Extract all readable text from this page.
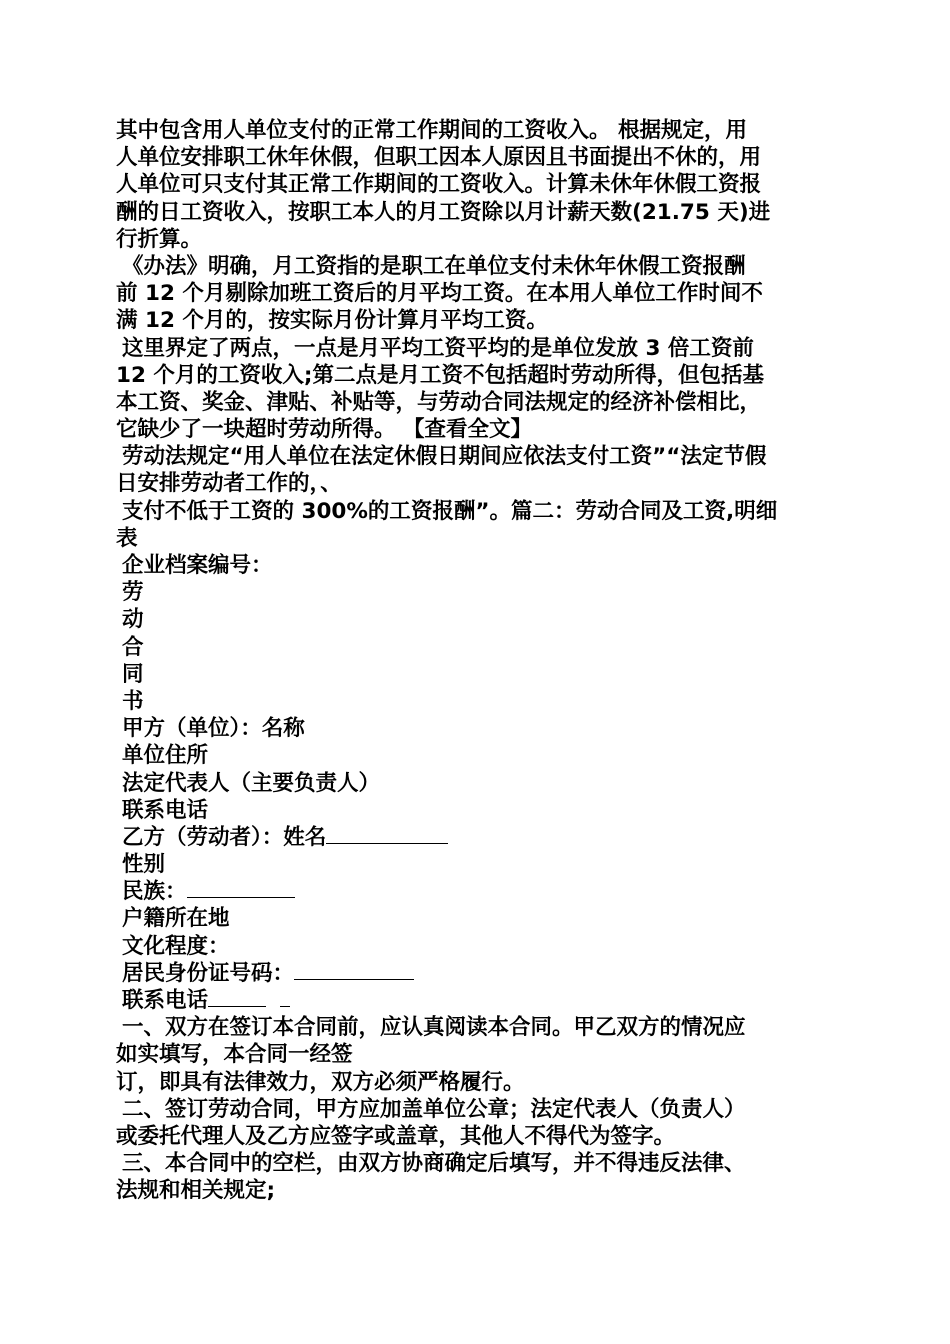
其中包含用人单位支付的正常工作期间的工资收入。 根据规定，用
人单位安排职工休年休假，但职工因本人原因且书面提出不休的，用
人单位可只支付其正常工作期间的工资收入。计算未休年休假工资报
酬的日工资收入，按职工本人的月工资除以月计薪天数(21.75 天)进
行折算。
《办法》明确，月工资指的是职工在单位支付未休年休假工资报酬
前 12 个月剔除加班工资后的月平均工资。在本用人单位工作时间不
满 12 个月的，按实际月份计算月平均工资。
这里界定了两点，一点是月平均工资平均的是单位发放 3 倍工资前
12 个月的工资收入;第二点是月工资不包括超时劳动所得，但包括基
本工资、奖金、津贴、补贴等，与劳动合同法规定的经济补偿相比，
它缺少了一块超时劳动所得。 【查看全文】
劳动法规定“用人单位在法定休假日期间应依法支付工资”“法定节假
日安排劳动者工作的，、
支付不低于工资的 300%的工资报酬”。篇二：劳动合同及工资,明细
表
企业档案编号：
劳
动
合
同
书
甲方（单位）：名称
单位住所
法定代表人（主要负责人）
联系电话
乙方（劳动者）：姓名
性别
民族：
户籍所在地
文化程度：
居民身份证号码：
联系电话
一、双方在签订本合同前，应认真阅读本合同。甲乙双方的情况应
如实填写，本合同一经签
订，即具有法律效力，双方必须严格履行。
二、签订劳动合同，甲方应加盖单位公章；法定代表人（负责人）
或委托代理人及乙方应签字或盖章，其他人不得代为签字。
三、本合同中的空栏，由双方协商确定后填写，并不得违反法律、
法规和相关规定;
